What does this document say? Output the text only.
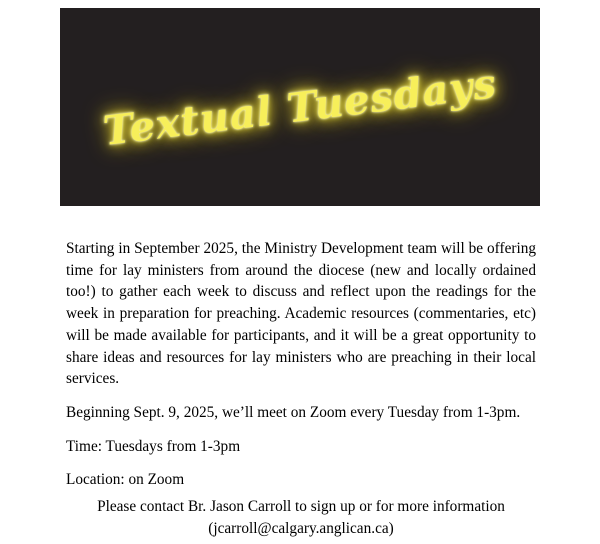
Textual Tuesdays

Starting in September 2025, the Ministry Development team will be offering time for lay ministers from around the diocese (new and locally ordained too!) to gather each week to discuss and reflect upon the readings for the week in preparation for preaching. Academic resources (commentaries, etc) will be made available for participants, and it will be a great opportunity to share ideas and resources for lay ministers who are preaching in their local services.

Beginning Sept. 9, 2025, we’ll meet on Zoom every Tuesday from 1-3pm.

Time: Tuesdays from 1-3pm

Location: on Zoom

Please contact Br. Jason Carroll to sign up or for more information
(jcarroll@calgary.anglican.ca)
